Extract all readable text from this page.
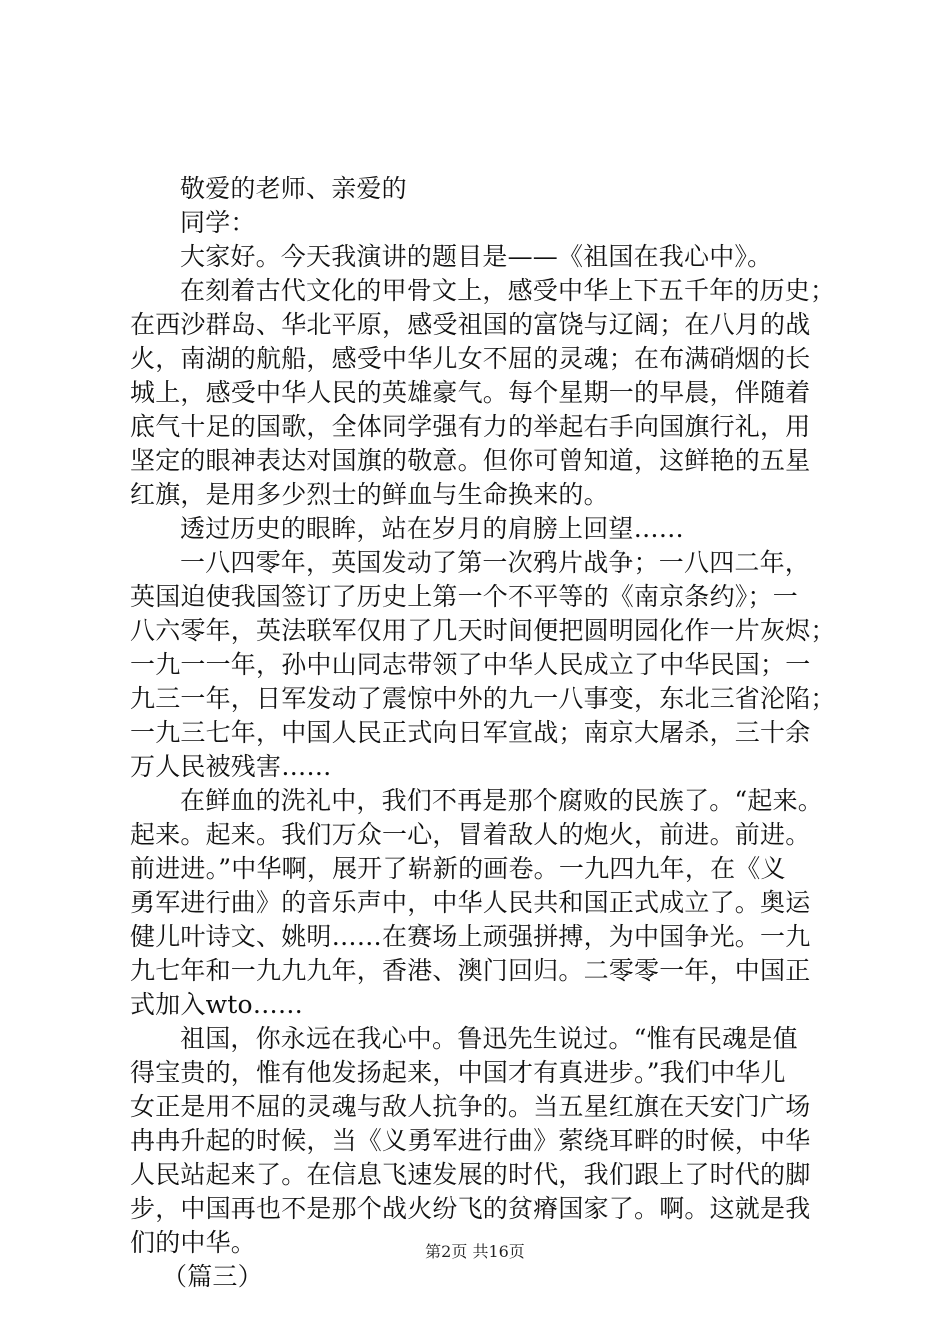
敬爱的老师、亲爱的
同学：
大家好。今天我演讲的题目是——《祖国在我心中》。
在刻着古代文化的甲骨文上，感受中华上下五千年的历史；
在西沙群岛、华北平原，感受祖国的富饶与辽阔；在八月的战
火，南湖的航船，感受中华儿女不屈的灵魂；在布满硝烟的长
城上，感受中华人民的英雄豪气。每个星期一的早晨，伴随着
底气十足的国歌，全体同学强有力的举起右手向国旗行礼，用
坚定的眼神表达对国旗的敬意。但你可曾知道，这鲜艳的五星
红旗，是用多少烈士的鲜血与生命换来的。
透过历史的眼眸，站在岁月的肩膀上回望……
一八四零年，英国发动了第一次鸦片战争；一八四二年，
英国迫使我国签订了历史上第一个不平等的《南京条约》；一
八六零年，英法联军仅用了几天时间便把圆明园化作一片灰烬；
一九一一年，孙中山同志带领了中华人民成立了中华民国；一
九三一年，日军发动了震惊中外的九一八事变，东北三省沦陷；
一九三七年，中国人民正式向日军宣战；南京大屠杀，三十余
万人民被残害……
在鲜血的洗礼中，我们不再是那个腐败的民族了。“起来。
起来。起来。我们万众一心，冒着敌人的炮火，前进。前进。
前进进。”中华啊，展开了崭新的画卷。一九四九年，在《义
勇军进行曲》的音乐声中，中华人民共和国正式成立了。奥运
健儿叶诗文、姚明……在赛场上顽强拼搏，为中国争光。一九
九七年和一九九九年，香港、澳门回归。二零零一年，中国正
式加入wto……
祖国，你永远在我心中。鲁迅先生说过。“惟有民魂是值
得宝贵的，惟有他发扬起来，中国才有真进步。”我们中华儿
女正是用不屈的灵魂与敌人抗争的。当五星红旗在天安门广场
冉冉升起的时候，当《义勇军进行曲》萦绕耳畔的时候，中华
人民站起来了。在信息飞速发展的时代，我们跟上了时代的脚
步，中国再也不是那个战火纷飞的贫瘠国家了。啊。这就是我
们的中华。
（篇三）
第2页 共16页
